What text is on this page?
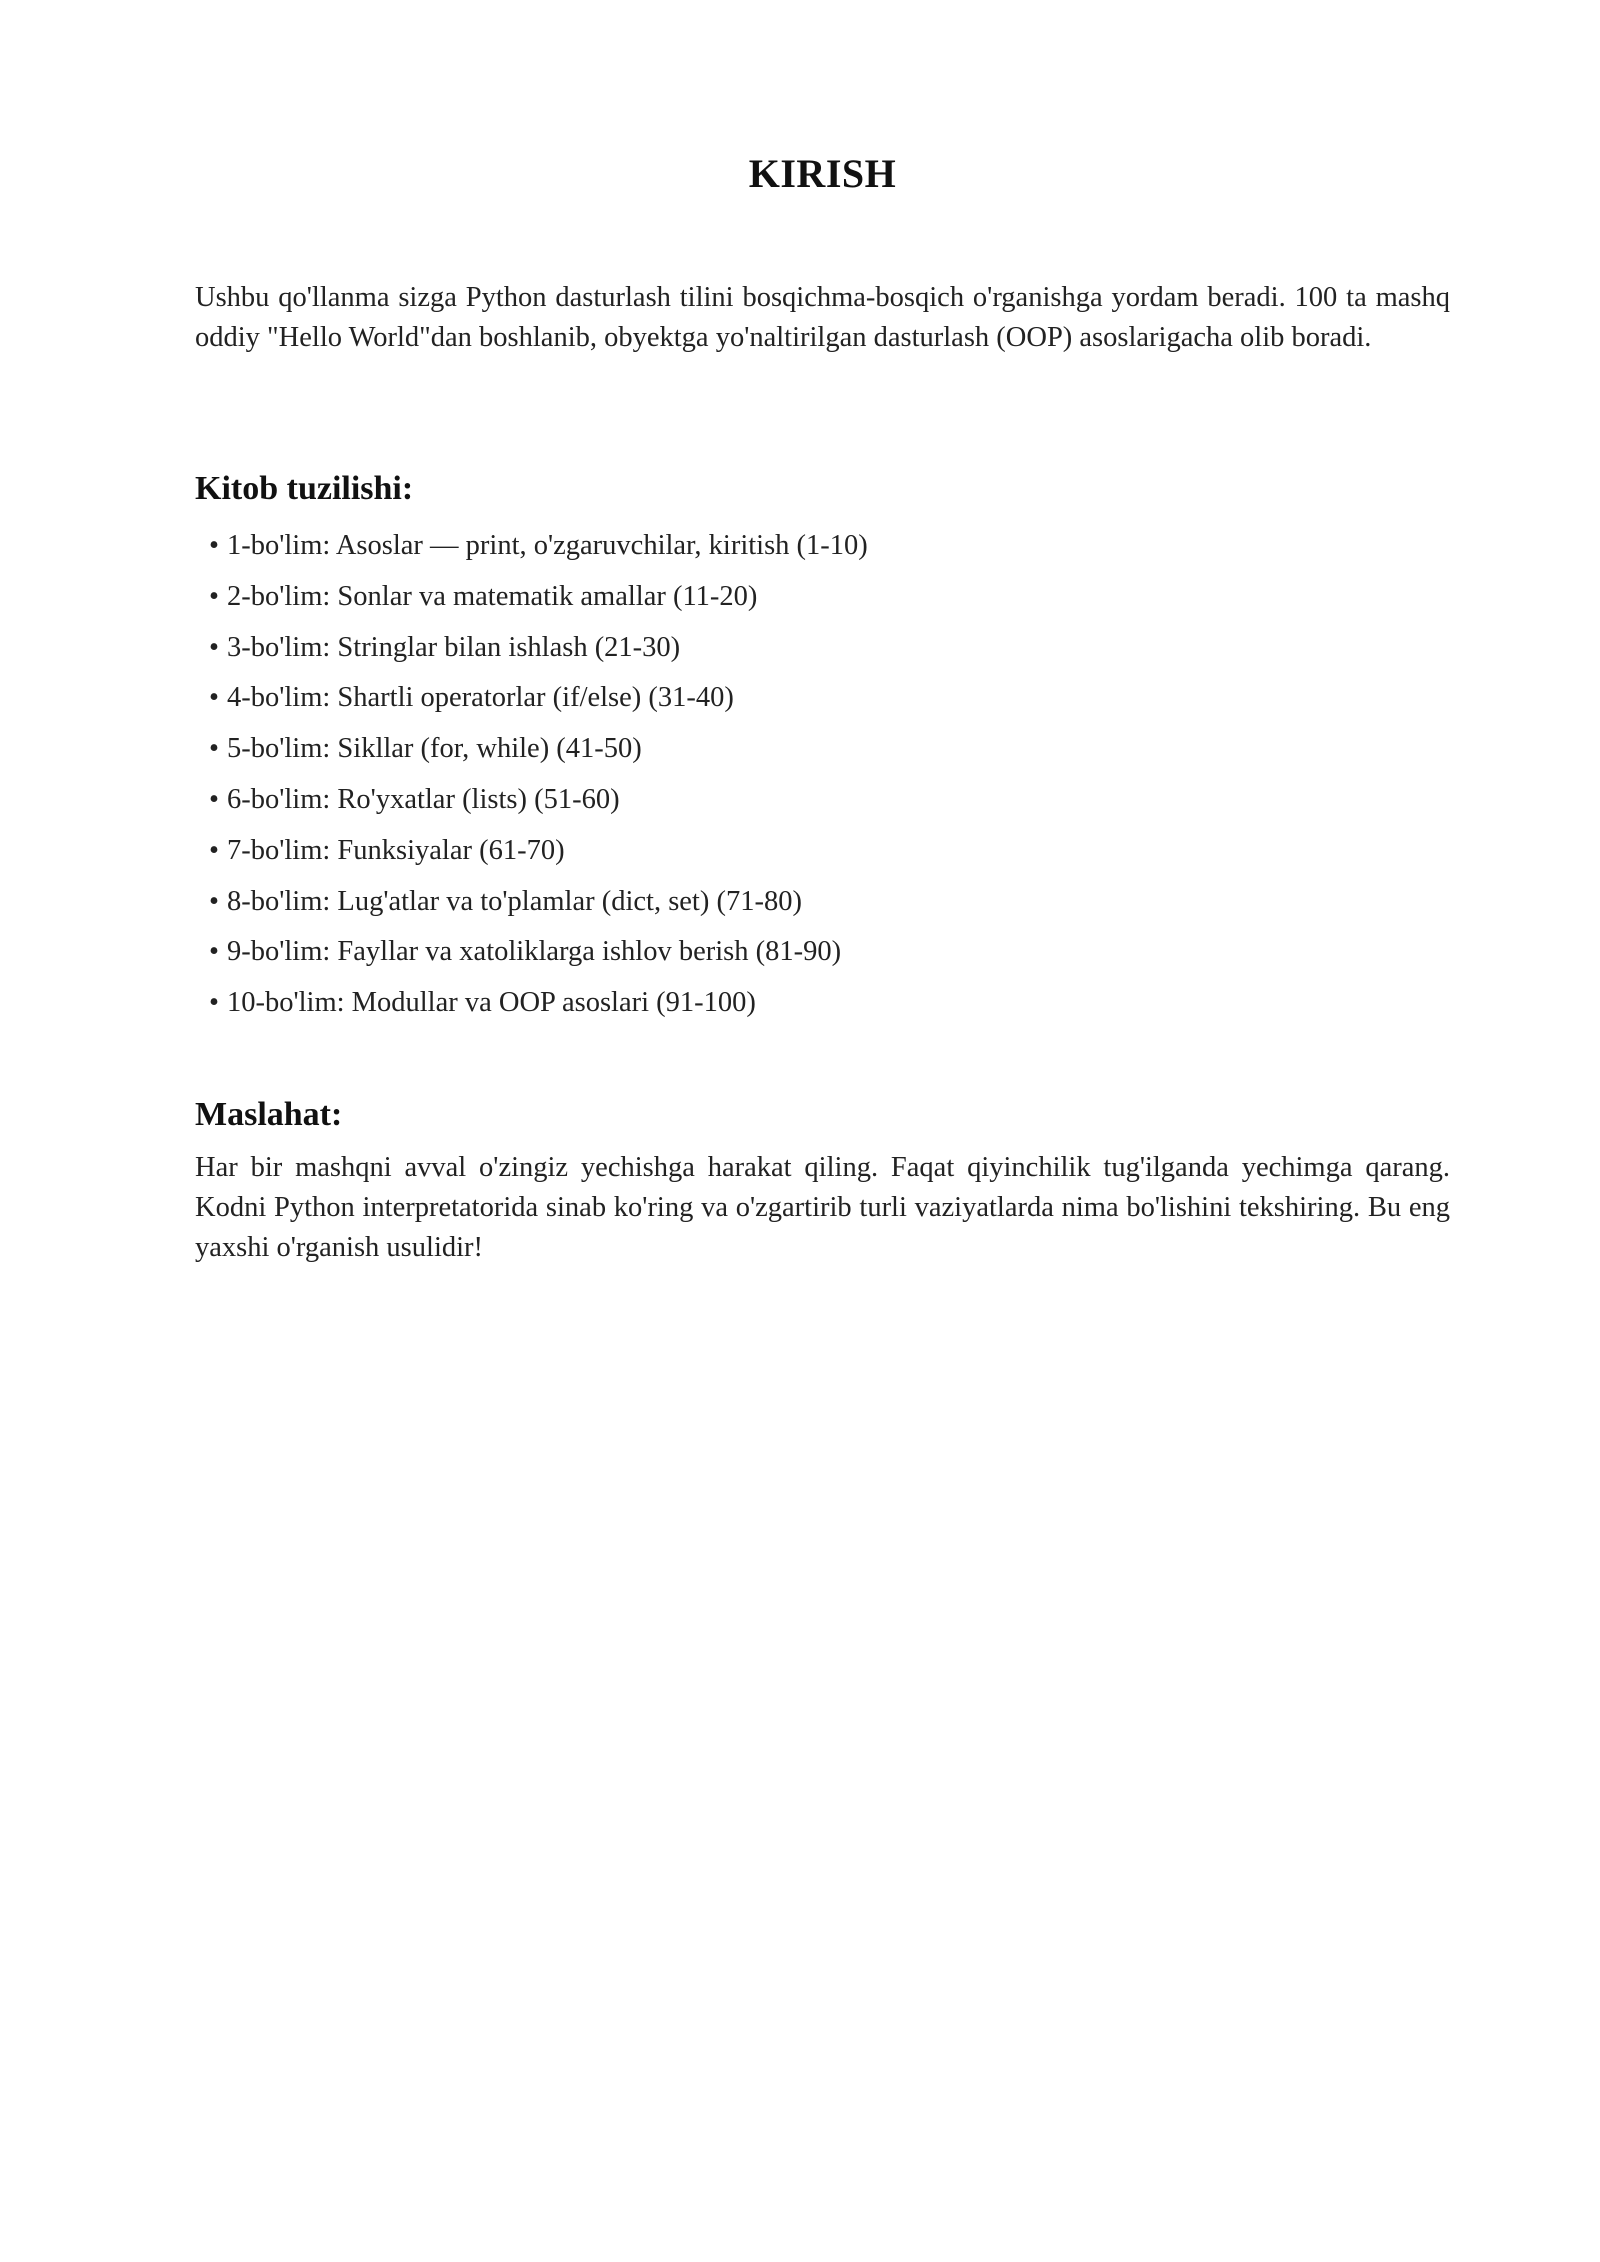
KIRISH

Ushbu qo'llanma sizga Python dasturlash tilini bosqichma-bosqich o'rganishga yordam beradi. 100 ta mashq oddiy "Hello World"dan boshlanib, obyektga yo'naltirilgan dasturlash (OOP) asoslarigacha olib boradi.

Kitob tuzilishi:
• 1-bo'lim: Asoslar — print, o'zgaruvchilar, kiritish (1-10)
• 2-bo'lim: Sonlar va matematik amallar (11-20)
• 3-bo'lim: Stringlar bilan ishlash (21-30)
• 4-bo'lim: Shartli operatorlar (if/else) (31-40)
• 5-bo'lim: Sikllar (for, while) (41-50)
• 6-bo'lim: Ro'yxatlar (lists) (51-60)
• 7-bo'lim: Funksiyalar (61-70)
• 8-bo'lim: Lug'atlar va to'plamlar (dict, set) (71-80)
• 9-bo'lim: Fayllar va xatoliklarga ishlov berish (81-90)
• 10-bo'lim: Modullar va OOP asoslari (91-100)
Maslahat:

Har bir mashqni avval o'zingiz yechishga harakat qiling. Faqat qiyinchilik tug'ilganda yechimga qarang. Kodni Python interpretatorida sinab ko'ring va o'zgartirib turli vaziyatlarda nima bo'lishini tekshiring. Bu eng yaxshi o'rganish usulidir!
